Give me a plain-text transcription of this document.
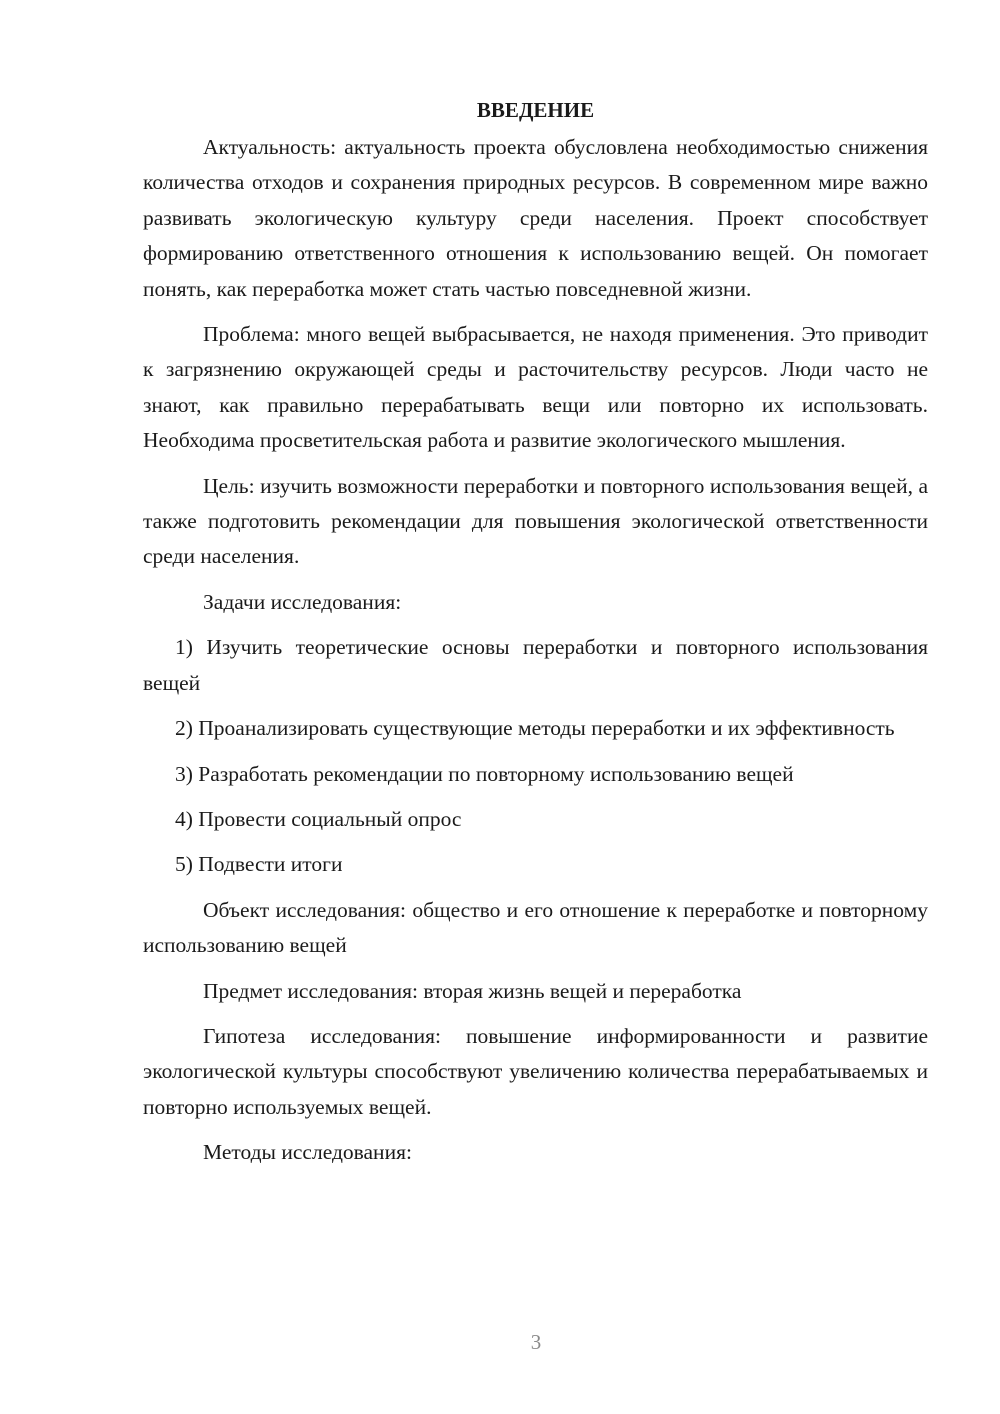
ВВЕДЕНИЕ

Актуальность: актуальность проекта обусловлена необходимостью снижения количества отходов и сохранения природных ресурсов. В современном мире важно развивать экологическую культуру среди населения. Проект способствует формированию ответственного отношения к использованию вещей. Он помогает понять, как переработка может стать частью повседневной жизни.

Проблема: много вещей выбрасывается, не находя применения. Это приводит к загрязнению окружающей среды и расточительству ресурсов. Люди часто не знают, как правильно перерабатывать вещи или повторно их использовать. Необходима просветительская работа и развитие экологического мышления.

Цель: изучить возможности переработки и повторного использования вещей, а также подготовить рекомендации для повышения экологической ответственности среди населения.

Задачи исследования:

1) Изучить теоретические основы переработки и повторного использования вещей

2) Проанализировать существующие методы переработки и их эффективность

3) Разработать рекомендации по повторному использованию вещей

4) Провести социальный опрос

5) Подвести итоги

Объект исследования: общество и его отношение к переработке и повторному использованию вещей

Предмет исследования: вторая жизнь вещей и переработка

Гипотеза исследования: повышение информированности и развитие экологической культуры способствуют увеличению количества перерабатываемых и повторно используемых вещей.

Методы исследования:

3
